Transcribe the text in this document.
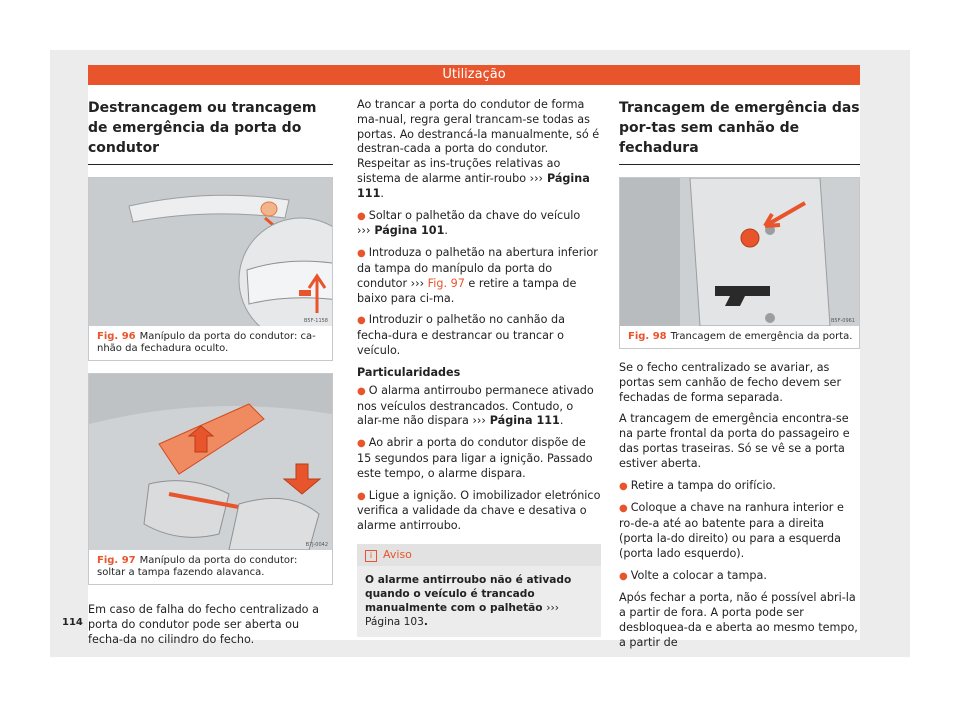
Utilização
Destrancagem ou trancagem de emergência da porta do condutor
B5F-1158
Fig. 96 Manípulo da porta do condutor: ca-nhão da fechadura oculto.
B7J-0042
Fig. 97 Manípulo da porta do condutor: soltar a tampa fazendo alavanca.

Em caso de falha do fecho centralizado a porta do condutor pode ser aberta ou fecha-da no cilindro do fecho.

Ao trancar a porta do condutor de forma ma-nual, regra geral trancam-se todas as portas. Ao destrancá-la manualmente, só é destran-cada a porta do condutor. Respeitar as ins-truções relativas ao sistema de alarme antir-roubo ››› Página 111.

● Soltar o palhetão da chave do veículo
››› Página 101.

● Introduza o palhetão na abertura inferior da tampa do manípulo da porta do condutor ››› Fig. 97 e retire a tampa de baixo para ci-ma.

● Introduzir o palhetão no canhão da fecha-dura e destrancar ou trancar o veículo.

Particularidades

● O alarma antirroubo permanece ativado nos veículos destrancados. Contudo, o alar-me não dispara ››› Página 111.

● Ao abrir a porta do condutor dispõe de 15 segundos para ligar a ignição. Passado este tempo, o alarme dispara.

● Ligue a ignição. O imobilizador eletrónico verifica a validade da chave e desativa o alarme antirroubo.

i Aviso
O alarme antirroubo não é ativado quando o veículo é trancado manualmente com o palhetão ››› Página 103.
Trancagem de emergência das por-tas sem canhão de fechadura
B5F-0961
Fig. 98 Trancagem de emergência da porta.

Se o fecho centralizado se avariar, as portas sem canhão de fecho devem ser fechadas de forma separada.

A trancagem de emergência encontra-se na parte frontal da porta do passageiro e das portas traseiras. Só se vê se a porta estiver aberta.

● Retire a tampa do orifício.

● Coloque a chave na ranhura interior e ro-de-a até ao batente para a direita (porta la-do direito) ou para a esquerda (porta lado esquerdo).

● Volte a colocar a tampa.

Após fechar a porta, não é possível abri-la a partir de fora. A porta pode ser desbloquea-da e aberta ao mesmo tempo, a partir de

114
